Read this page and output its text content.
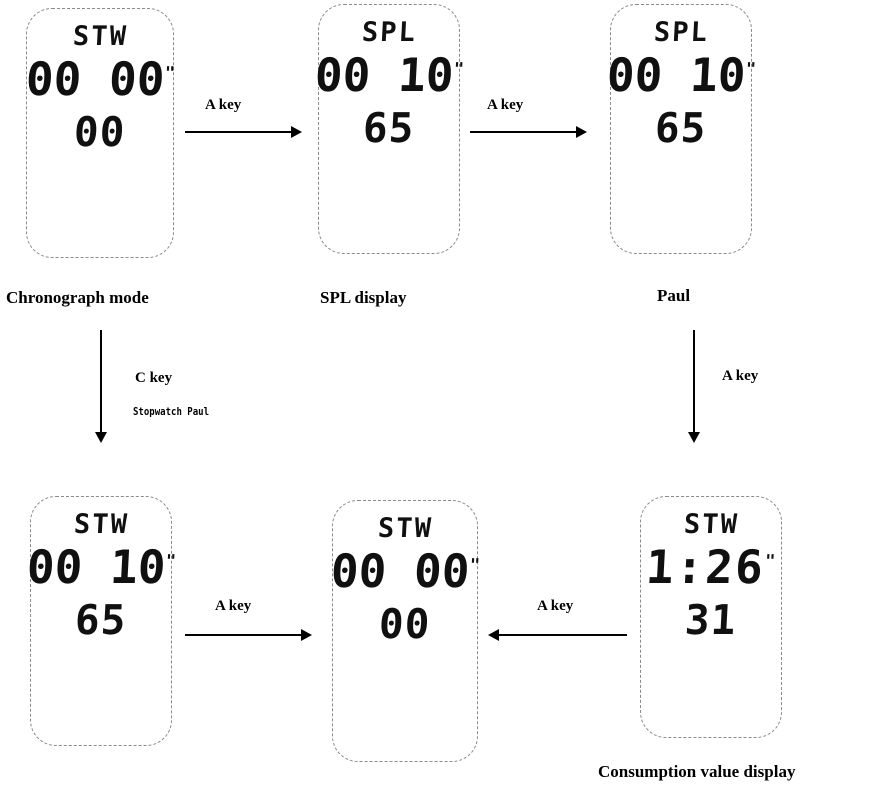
STW
00 00"
00
Chronograph mode
A key
SPL
00 10"
65
SPL display
A key
SPL
00 10"
65
Paul
C key
Stopwatch Paul
A key
STW
00 10"
65	A key
STW
00 00"
00	A key
STW
1:26"
31
Consumption value display
